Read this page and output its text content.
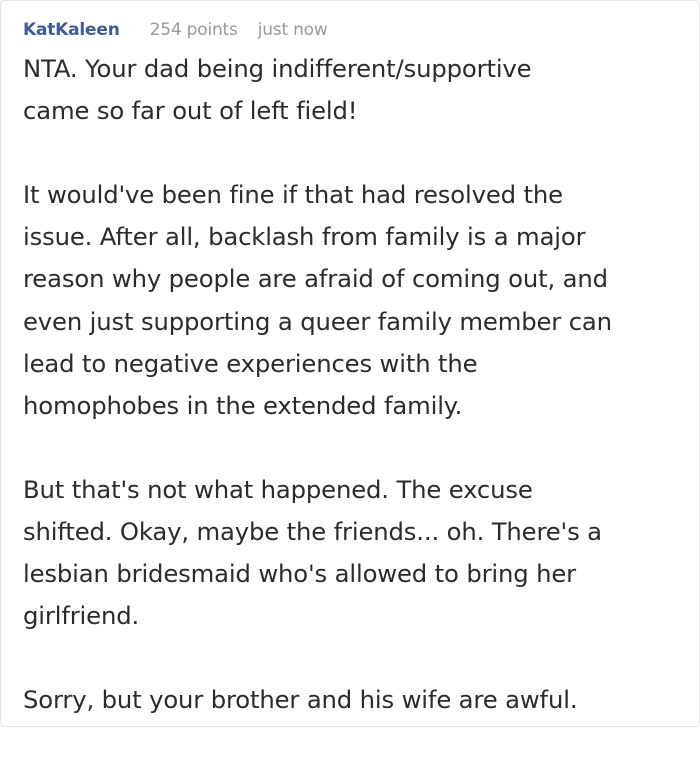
KatKaleen 254 points just now

NTA. Your dad being indifferent/supportive
came so far out of left field!

It would've been fine if that had resolved the
issue. After all, backlash from family is a major
reason why people are afraid of coming out, and
even just supporting a queer family member can
lead to negative experiences with the
homophobes in the extended family.

But that's not what happened. The excuse
shifted. Okay, maybe the friends... oh. There's a
lesbian bridesmaid who's allowed to bring her
girlfriend.

Sorry, but your brother and his wife are awful.
